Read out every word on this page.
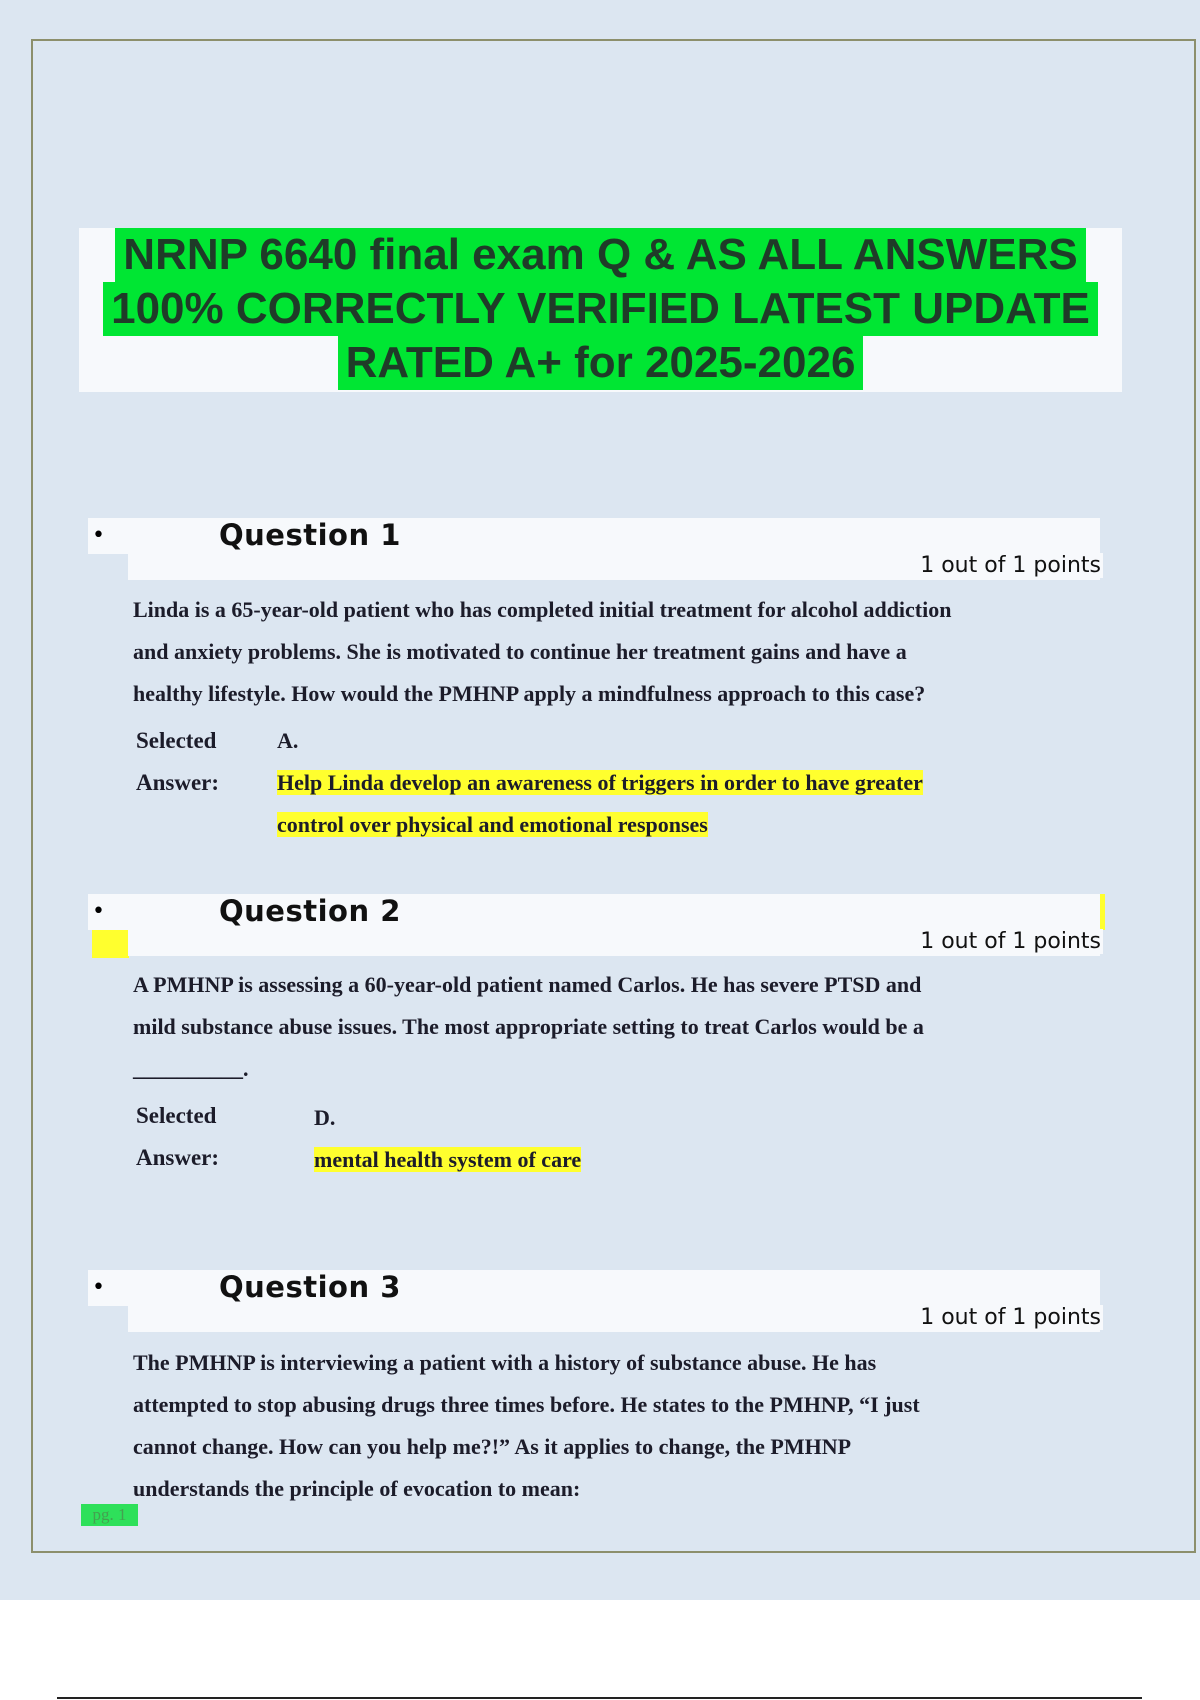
NRNP 6640 final exam Q & AS ALL ANSWERS
100% CORRECTLY VERIFIED LATEST UPDATE
RATED A+ for 2025-2026
•	Question 1
1 out of 1 points
Linda is a 65-year-old patient who has completed initial treatment for alcohol addiction
and anxiety problems. She is motivated to continue her treatment gains and have a
healthy lifestyle. How would the PMHNP apply a mindfulness approach to this case?
Selected
Answer:
A.
Help Linda develop an awareness of triggers in order to have greater
control over physical and emotional responses
•	Question 2
1 out of 1 points
A PMHNP is assessing a 60-year-old patient named Carlos. He has severe PTSD and
mild substance abuse issues. The most appropriate setting to treat Carlos would be a
__________.
Selected
Answer:
D.
mental health system of care
•	Question 3
1 out of 1 points
The PMHNP is interviewing a patient with a history of substance abuse. He has
attempted to stop abusing drugs three times before. He states to the PMHNP, “I just
cannot change. How can you help me?!” As it applies to change, the PMHNP
understands the principle of evocation to mean:
pg. 1
